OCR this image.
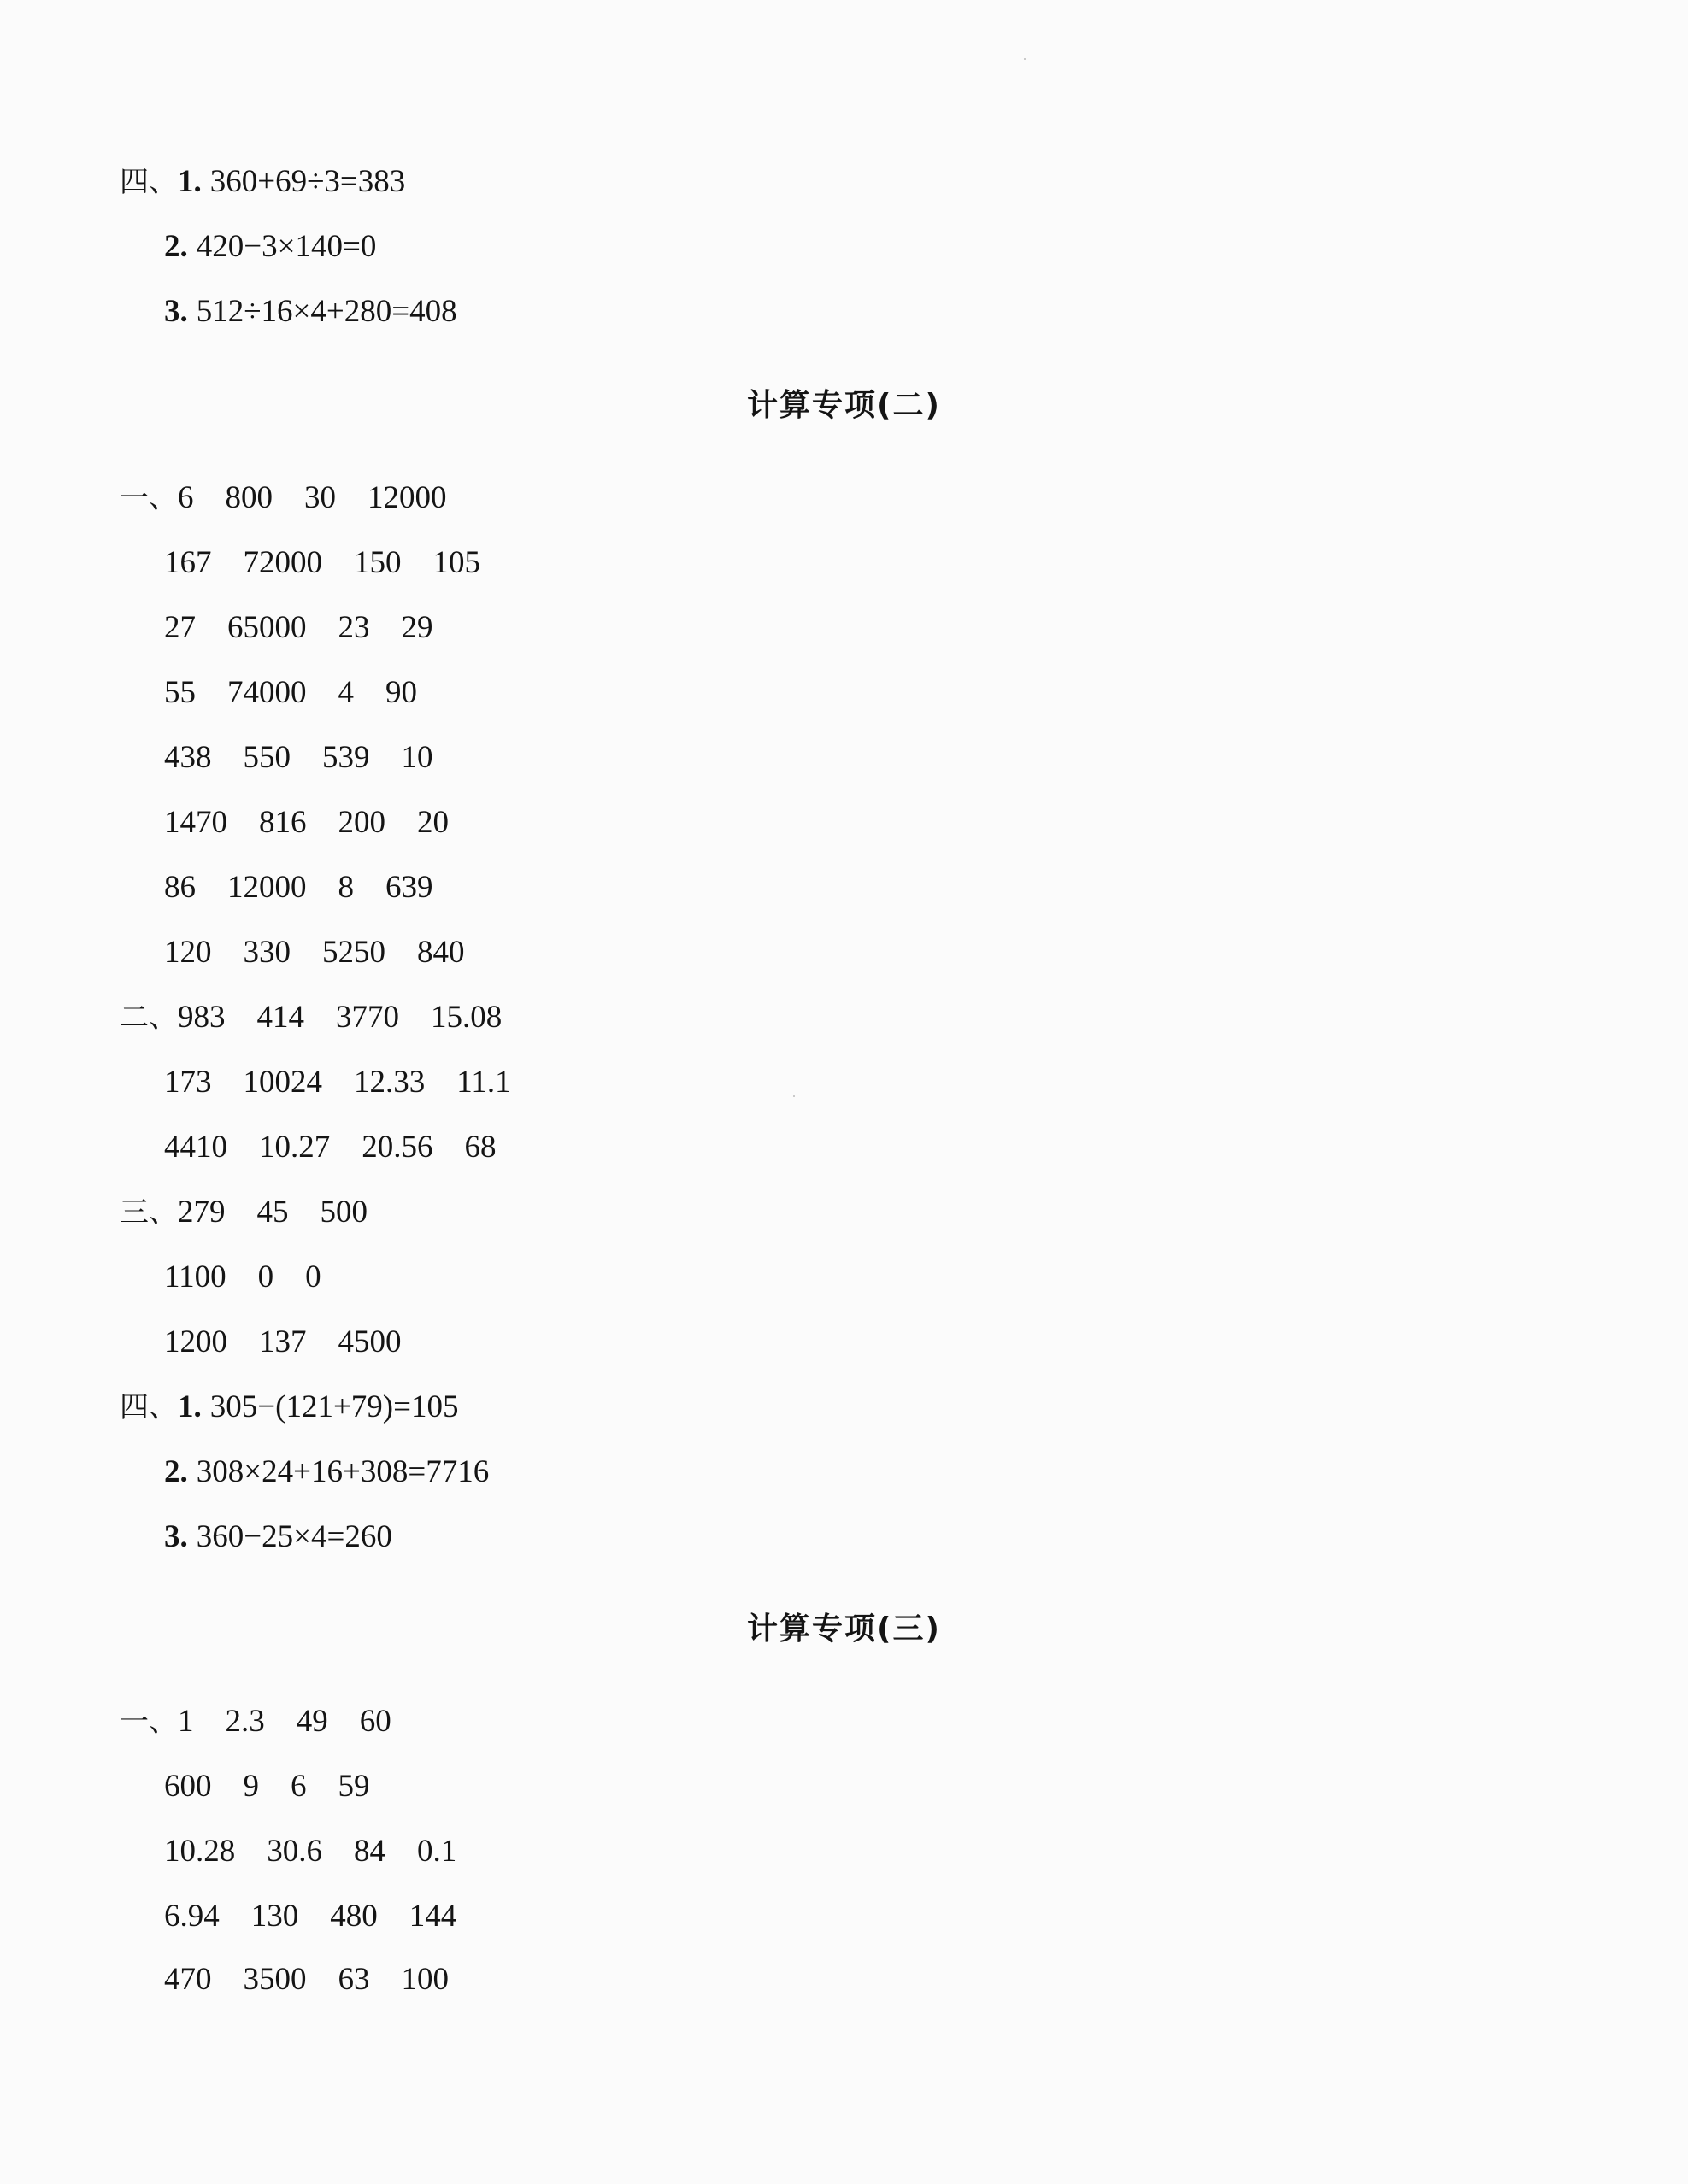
四、1. 360+69÷3=383
2. 420−3×140=0
3. 512÷16×4+280=408
计算专项(二)
一、6    800    30    12000
167    72000    150    105
27    65000    23    29
55    74000    4    90
438    550    539    10
1470    816    200    20
86    12000    8    639
120    330    5250    840
二、983    414    3770    15.08
173    10024    12.33    11.1
4410    10.27    20.56    68
三、279    45    500
1100    0    0
1200    137    4500
四、1. 305−(121+79)=105
2. 308×24+16+308=7716
3. 360−25×4=260
计算专项(三)
一、1    2.3    49    60
600    9    6    59
10.28    30.6    84    0.1
6.94    130    480    144
470    3500    63    100
